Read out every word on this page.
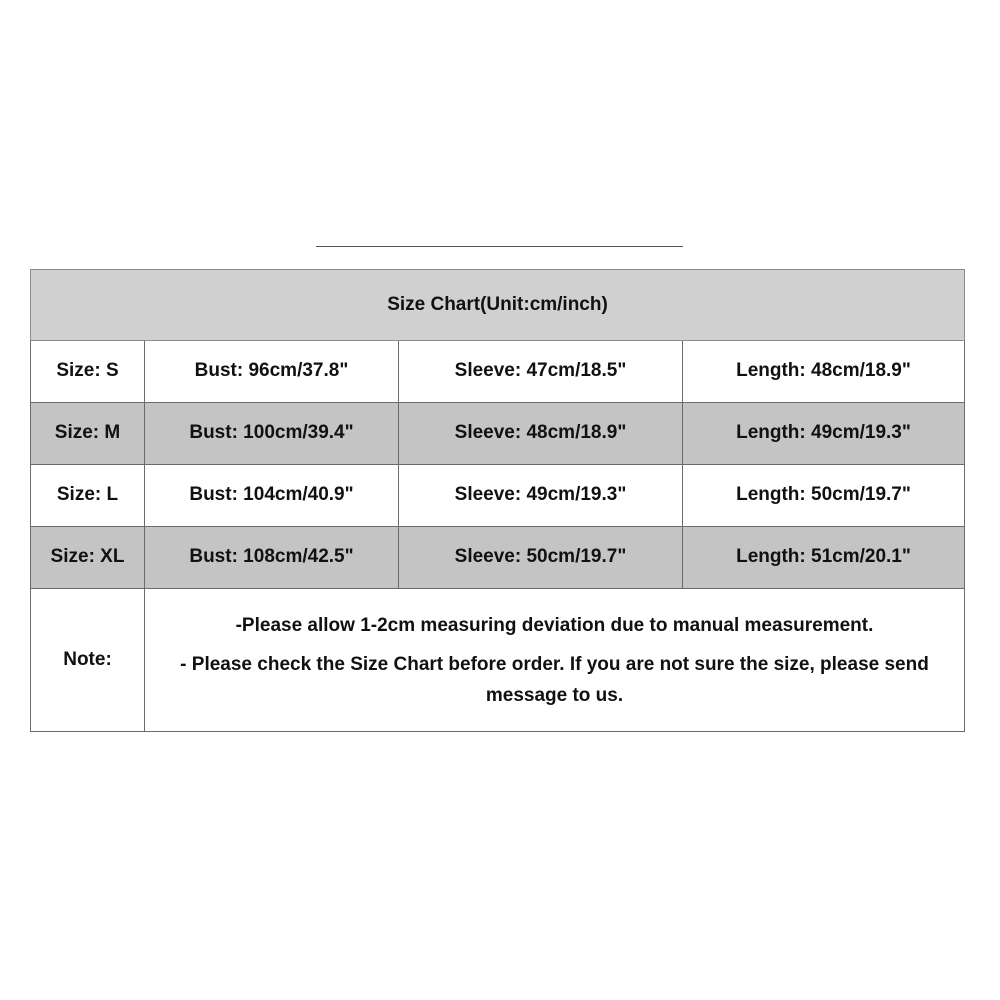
Size Chart(Unit:cm/inch)			
Size: S	Bust: 96cm/37.8"	Sleeve: 47cm/18.5"	Length: 48cm/18.9"
Size: M	Bust: 100cm/39.4"	Sleeve: 48cm/18.9"	Length: 49cm/19.3"
Size: L	Bust: 104cm/40.9"	Sleeve: 49cm/19.3"	Length: 50cm/19.7"
Size: XL	Bust: 108cm/42.5"	Sleeve: 50cm/19.7"	Length: 51cm/20.1"
Note:	-Please allow 1-2cm measuring deviation due to manual measurement.
- Please check the Size Chart before order. If you are not sure the size, please send message to us.		
